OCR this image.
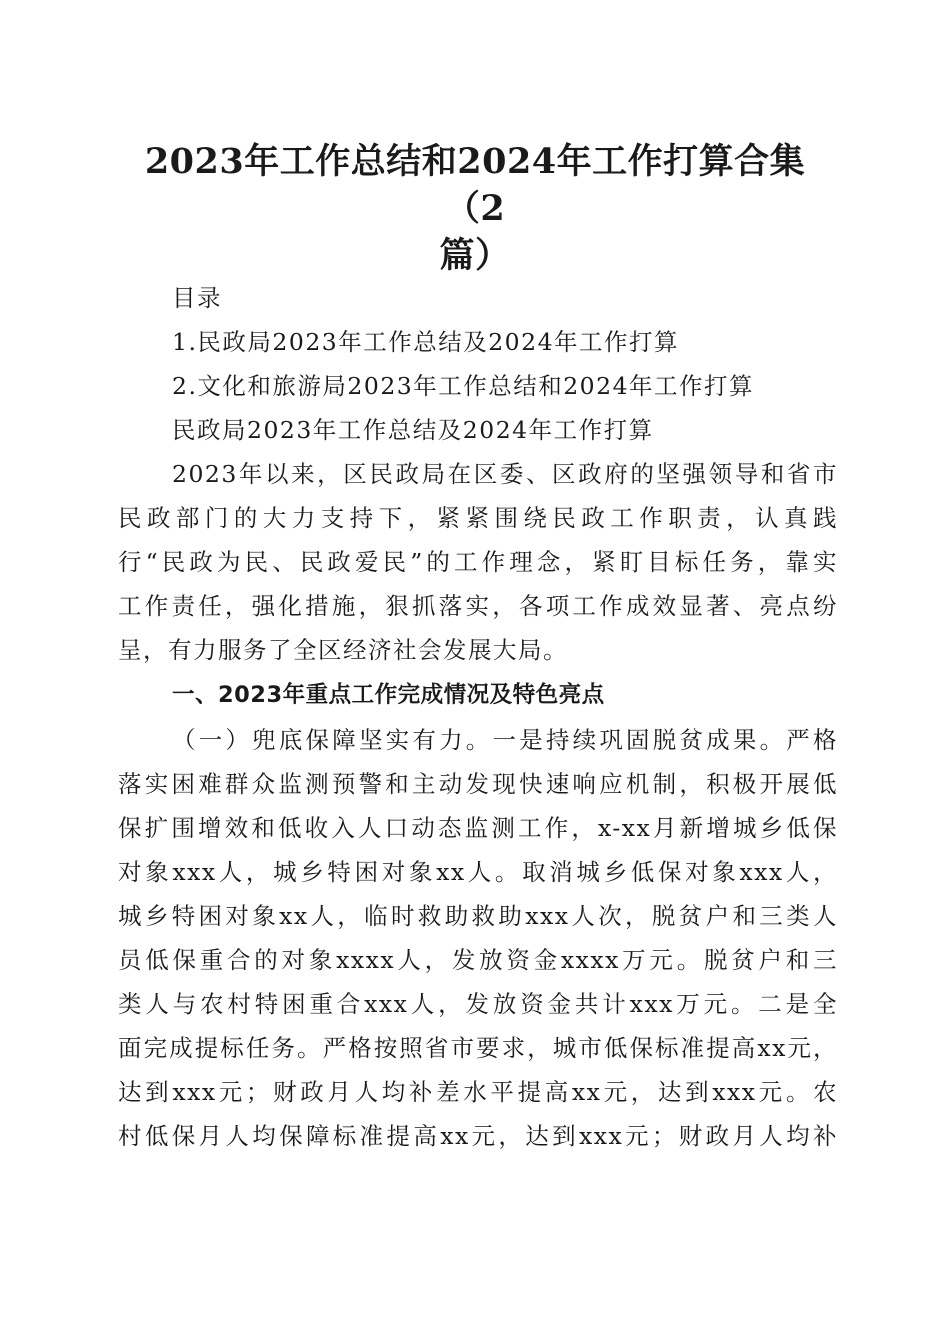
2023年工作总结和2024年工作打算合集（2
篇）
目录
1.民政局2023年工作总结及2024年工作打算
2.文化和旅游局2023年工作总结和2024年工作打算
民政局2023年工作总结及2024年工作打算
2023年以来，区民政局在区委、区政府的坚强领导和省市
民政部门的大力支持下，紧紧围绕民政工作职责，认真践
行“民政为民、民政爱民”的工作理念，紧盯目标任务，靠实
工作责任，强化措施，狠抓落实，各项工作成效显著、亮点纷
呈，有力服务了全区经济社会发展大局。
一、2023年重点工作完成情况及特色亮点
（一）兜底保障坚实有力。一是持续巩固脱贫成果。严格
落实困难群众监测预警和主动发现快速响应机制，积极开展低
保扩围增效和低收入人口动态监测工作，x-xx月新增城乡低保
对象xxx人，城乡特困对象xx人。取消城乡低保对象xxx人，
城乡特困对象xx人，临时救助救助xxx人次，脱贫户和三类人
员低保重合的对象xxxx人，发放资金xxxx万元。脱贫户和三
类人与农村特困重合xxx人，发放资金共计xxx万元。二是全
面完成提标任务。严格按照省市要求，城市低保标准提高xx元，
达到xxx元；财政月人均补差水平提高xx元，达到xxx元。农
村低保月人均保障标准提高xx元，达到xxx元；财政月人均补
